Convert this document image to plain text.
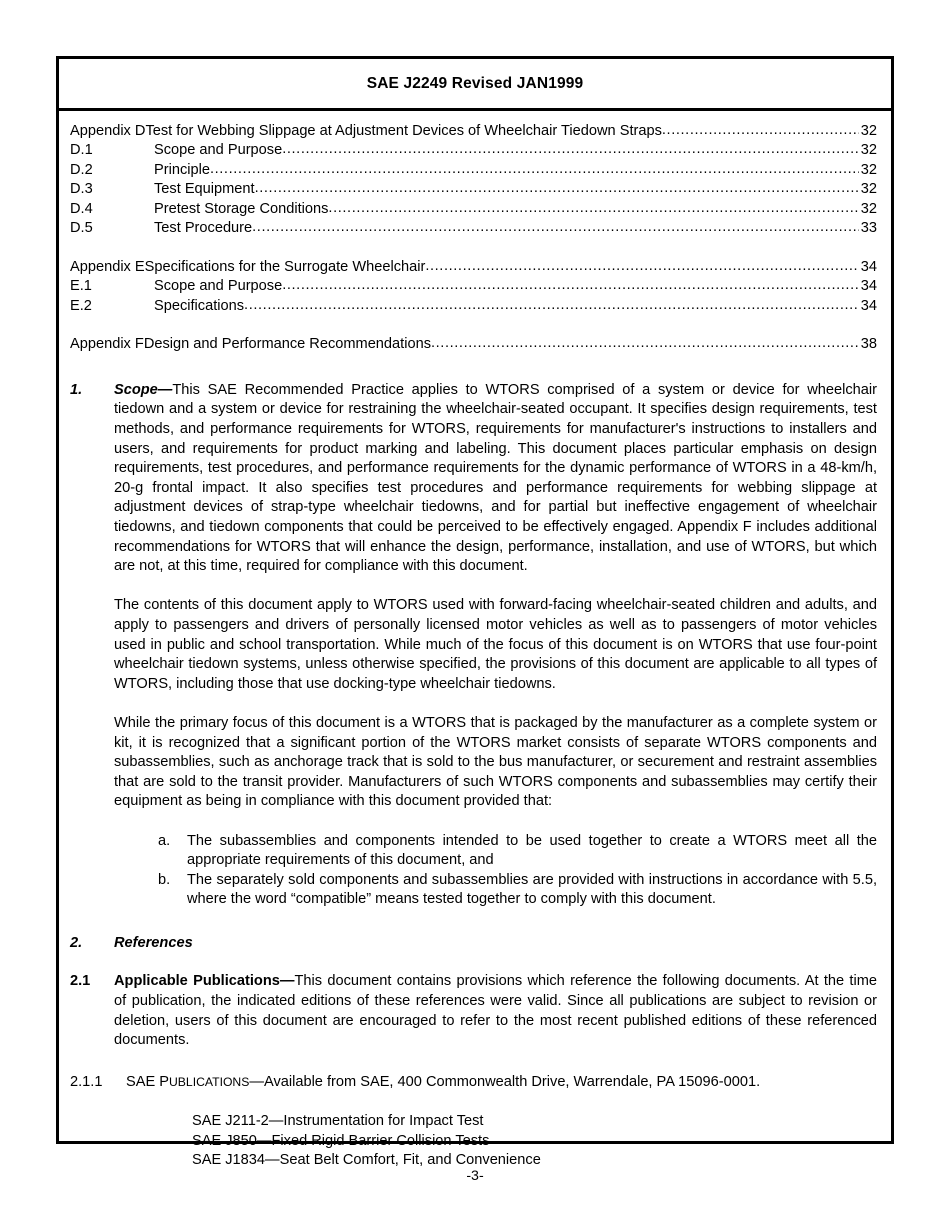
SAE J2249 Revised JAN1999
Appendix D Test for Webbing Slippage at Adjustment Devices of Wheelchair Tiedown Straps .....	32
D.1	Scope and Purpose .....	32
D.2	Principle .....	32
D.3	Test Equipment .....	32
D.4	Pretest Storage Conditions .....	32
D.5	Test Procedure .....	33
Appendix E Specifications for the Surrogate Wheelchair .....	34
E.1	Scope and Purpose .....	34
E.2	Specifications .....	34
Appendix F Design and Performance Recommendations .....	38
1.	Scope—This SAE Recommended Practice applies to WTORS comprised of a system or device for wheelchair tiedown and a system or device for restraining the wheelchair-seated occupant. It specifies design requirements, test methods, and performance requirements for WTORS, requirements for manufacturer's instructions to installers and users, and requirements for product marking and labeling. This document places particular emphasis on design requirements, test procedures, and performance requirements for the dynamic performance of WTORS in a 48-km/h, 20-g frontal impact. It also specifies test procedures and performance requirements for webbing slippage at adjustment devices of strap-type wheelchair tiedowns, and for partial but ineffective engagement of wheelchair tiedowns, and tiedown components that could be perceived to be effectively engaged. Appendix F includes additional recommendations for WTORS that will enhance the design, performance, installation, and use of WTORS, but which are not, at this time, required for compliance with this document.

The contents of this document apply to WTORS used with forward-facing wheelchair-seated children and adults, and apply to passengers and drivers of personally licensed motor vehicles as well as to passengers of motor vehicles used in public and school transportation. While much of the focus of this document is on WTORS that use four-point wheelchair tiedown systems, unless otherwise specified, the provisions of this document are applicable to all types of WTORS, including those that use docking-type wheelchair tiedowns.

While the primary focus of this document is a WTORS that is packaged by the manufacturer as a complete system or kit, it is recognized that a significant portion of the WTORS market consists of separate WTORS components and subassemblies, such as anchorage track that is sold to the bus manufacturer, or securement and restraint assemblies that are sold to the transit provider. Manufacturers of such WTORS components and subassemblies may certify their equipment as being in compliance with this document provided that:

a.	The subassemblies and components intended to be used together to create a WTORS meet all the appropriate requirements of this document, and
b.	The separately sold components and subassemblies are provided with instructions in accordance with 5.5, where the word “compatible” means tested together to comply with this document.
2.	References
2.1	Applicable Publications—This document contains provisions which reference the following documents. At the time of publication, the indicated editions of these references were valid. Since all publications are subject to revision or deletion, users of this document are encouraged to refer to the most recent published editions of these referenced documents.
2.1.1	SAE PUBLICATIONS—Available from SAE, 400 Commonwealth Drive, Warrendale, PA 15096-0001.
SAE J211-2—Instrumentation for Impact Test
SAE J850—Fixed Rigid Barrier Collision Tests
SAE J1834—Seat Belt Comfort, Fit, and Convenience
-3-
